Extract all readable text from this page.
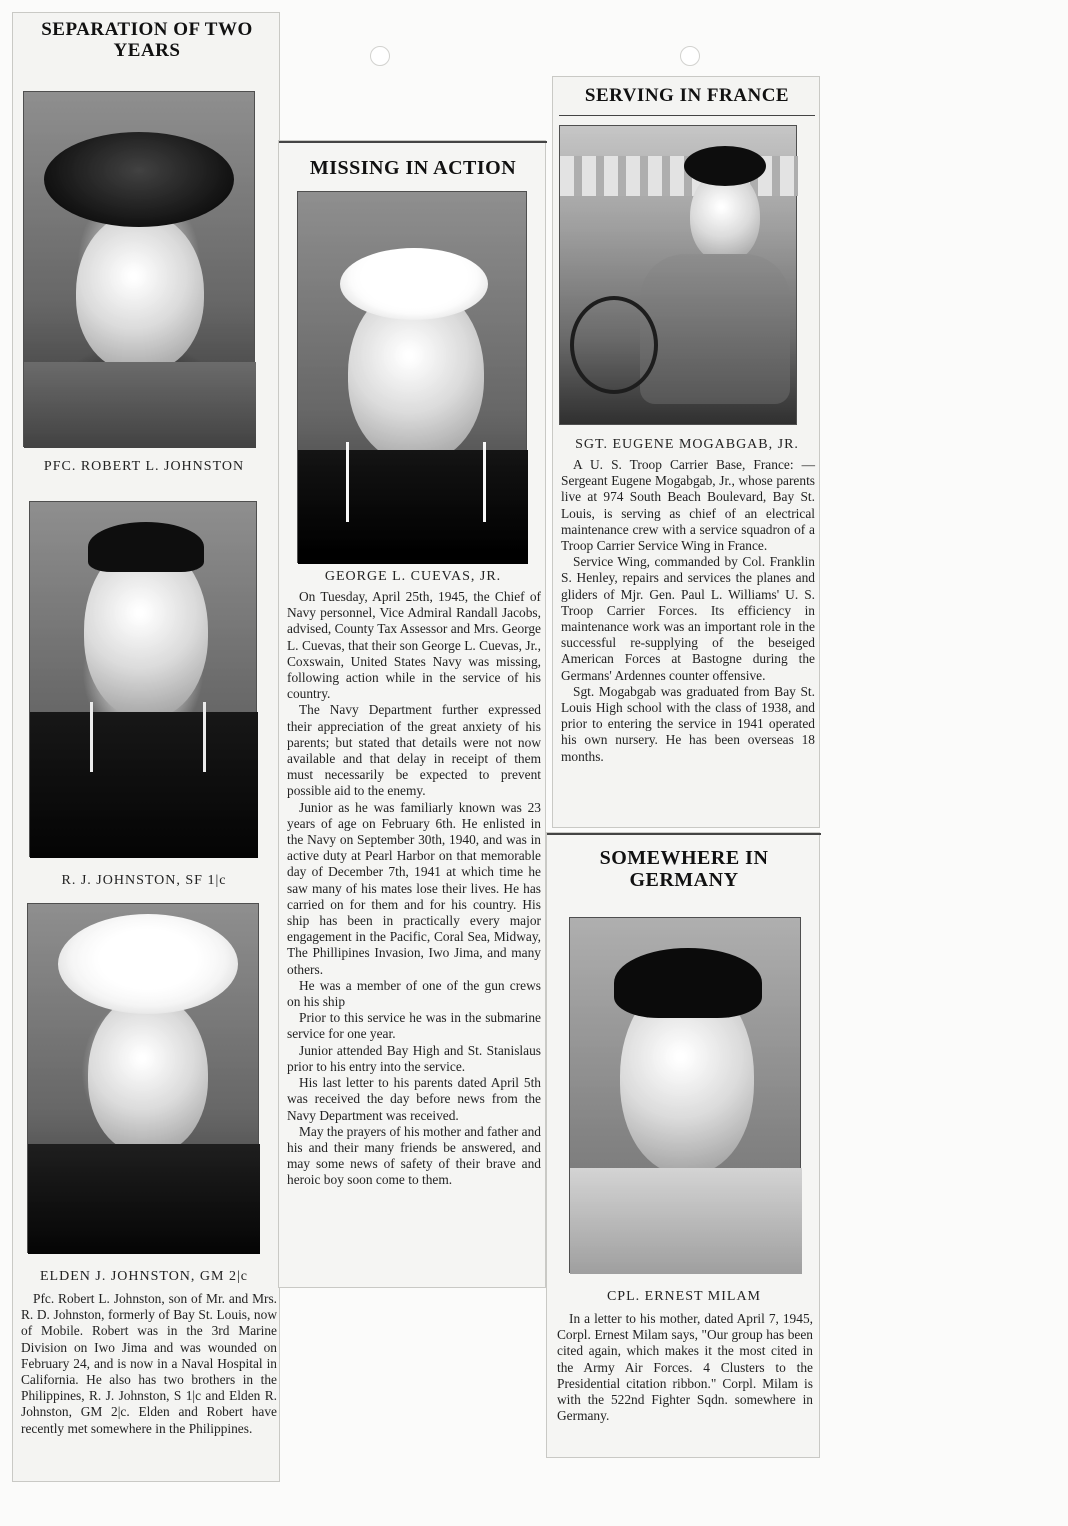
SEPARATION OF TWO YEARS
PFC. ROBERT L. JOHNSTON
R. J. JOHNSTON, SF 1|c
ELDEN J. JOHNSTON, GM 2|c
Pfc. Robert L. Johnston, son of Mr. and Mrs. R. D. Johnston, formerly of Bay St. Louis, now of Mobile. Robert was in the 3rd Marine Division on Iwo Jima and was wounded on February 24, and is now in a Naval Hospital in California. He also has two brothers in the Philippines, R. J. Johnston, S 1|c and Elden R. Johnston, GM 2|c. Elden and Robert have recently met somewhere in the Philippines.
MISSING IN ACTION
GEORGE L. CUEVAS, JR.

On Tuesday, April 25th, 1945, the Chief of Navy personnel, Vice Admiral Randall Jacobs, advised, County Tax Assessor and Mrs. George L. Cuevas, that their son George L. Cuevas, Jr., Coxswain, United States Navy was missing, following action while in the service of his country.

The Navy Department further expressed their appreciation of the great anxiety of his parents; but stated that details were not now available and that delay in receipt of them must necessarily be expected to prevent possible aid to the enemy.

Junior as he was familiarly known was 23 years of age on February 6th. He enlisted in the Navy on September 30th, 1940, and was in active duty at Pearl Harbor on that memorable day of December 7th, 1941 at which time he saw many of his mates lose their lives. He has carried on for them and for his country. His ship has been in practically every major engagement in the Pacific, Coral Sea, Midway, The Phillipines Invasion, Iwo Jima, and many others.

He was a member of one of the gun crews on his ship

Prior to this service he was in the submarine service for one year.

Junior attended Bay High and St. Stanislaus prior to his entry into the service.

His last letter to his parents dated April 5th was received the day before news from the Navy Department was received.

May the prayers of his mother and father and his and their many friends be answered, and may some news of safety of their brave and heroic boy soon come to them.

SERVING IN FRANCE
SGT. EUGENE MOGABGAB, JR.

A U. S. Troop Carrier Base, France: —Sergeant Eugene Mogabgab, Jr., whose parents live at 974 South Beach Boulevard, Bay St. Louis, is serving as chief of an electrical maintenance crew with a service squadron of a Troop Carrier Service Wing in France.

Service Wing, commanded by Col. Franklin S. Henley, repairs and services the planes and gliders of Mjr. Gen. Paul L. Williams' U. S. Troop Carrier Forces. Its efficiency in maintenance work was an important role in the successful re-supplying of the beseiged American Forces at Bastogne during the Germans' Ardennes counter offensive.

Sgt. Mogabgab was graduated from Bay St. Louis High school with the class of 1938, and prior to entering the service in 1941 operated his own nursery. He has been overseas 18 months.

SOMEWHERE IN
GERMANY
CPL. ERNEST MILAM
In a letter to his mother, dated April 7, 1945, Corpl. Ernest Milam says, "Our group has been cited again, which makes it the most cited in the Army Air Forces. 4 Clusters to the Presidential citation ribbon." Corpl. Milam is with the 522nd Fighter Sqdn. somewhere in Germany.
